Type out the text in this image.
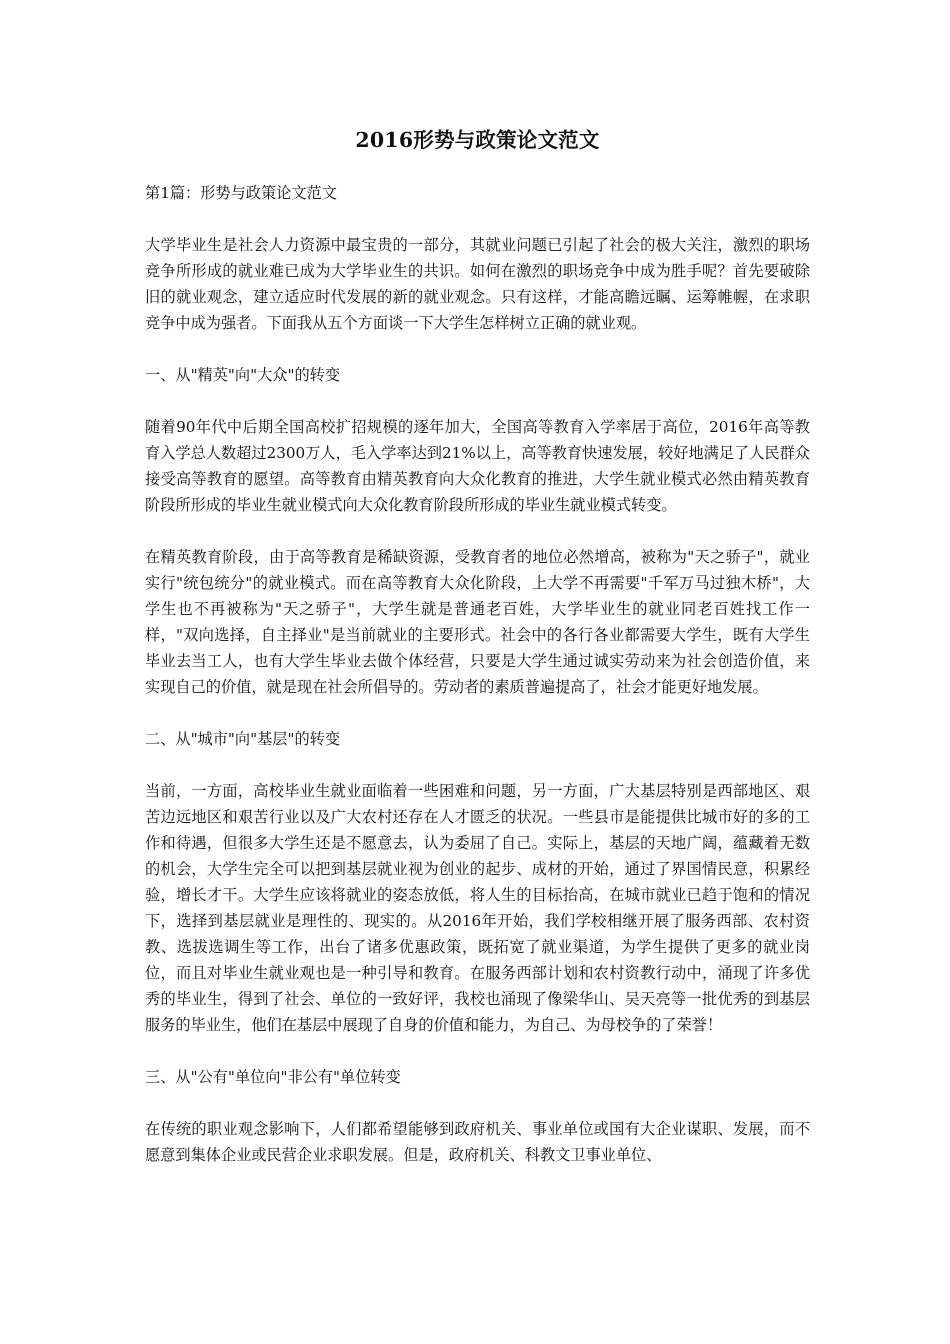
2016形势与政策论文范文

第1篇：形势与政策论文范文

大学毕业生是社会人力资源中最宝贵的一部分，其就业问题已引起了社会的极大关注，激烈的职场竞争所形成的就业难已成为大学毕业生的共识。如何在激烈的职场竞争中成为胜手呢？首先要破除旧的就业观念，建立适应时代发展的新的就业观念。只有这样，才能高瞻远瞩、运筹帷幄，在求职竞争中成为强者。下面我从五个方面谈一下大学生怎样树立正确的就业观。

一、从"精英"向"大众"的转变

随着90年代中后期全国高校扩招规模的逐年加大，全国高等教育入学率居于高位，2016年高等教育入学总人数超过2300万人，毛入学率达到21%以上，高等教育快速发展，较好地满足了人民群众接受高等教育的愿望。高等教育由精英教育向大众化教育的推进，大学生就业模式必然由精英教育阶段所形成的毕业生就业模式向大众化教育阶段所形成的毕业生就业模式转变。

在精英教育阶段，由于高等教育是稀缺资源，受教育者的地位必然增高，被称为"天之骄子"，就业实行"统包统分"的就业模式。而在高等教育大众化阶段，上大学不再需要"千军万马过独木桥"，大学生也不再被称为"天之骄子"，大学生就是普通老百姓，大学毕业生的就业同老百姓找工作一样，"双向选择，自主择业"是当前就业的主要形式。社会中的各行各业都需要大学生，既有大学生毕业去当工人，也有大学生毕业去做个体经营，只要是大学生通过诚实劳动来为社会创造价值，来实现自己的价值，就是现在社会所倡导的。劳动者的素质普遍提高了，社会才能更好地发展。

二、从"城市"向"基层"的转变

当前，一方面，高校毕业生就业面临着一些困难和问题，另一方面，广大基层特别是西部地区、艰苦边远地区和艰苦行业以及广大农村还存在人才匮乏的状况。一些县市是能提供比城市好的多的工作和待遇，但很多大学生还是不愿意去，认为委屈了自己。实际上，基层的天地广阔，蕴藏着无数的机会，大学生完全可以把到基层就业视为创业的起步、成材的开始，通过了界国情民意，积累经验，增长才干。大学生应该将就业的姿态放低，将人生的目标抬高，在城市就业已趋于饱和的情况下，选择到基层就业是理性的、现实的。从2016年开始，我们学校相继开展了服务西部、农村资教、选拔选调生等工作，出台了诸多优惠政策，既拓宽了就业渠道，为学生提供了更多的就业岗位，而且对毕业生就业观也是一种引导和教育。在服务西部计划和农村资教行动中，涌现了许多优秀的毕业生，得到了社会、单位的一致好评，我校也涌现了像梁华山、吴天亮等一批优秀的到基层服务的毕业生，他们在基层中展现了自身的价值和能力，为自己、为母校争的了荣誉！

三、从"公有"单位向"非公有"单位转变

在传统的职业观念影响下，人们都希望能够到政府机关、事业单位或国有大企业谋职、发展，而不愿意到集体企业或民营企业求职发展。但是，政府机关、科教文卫事业单位、
